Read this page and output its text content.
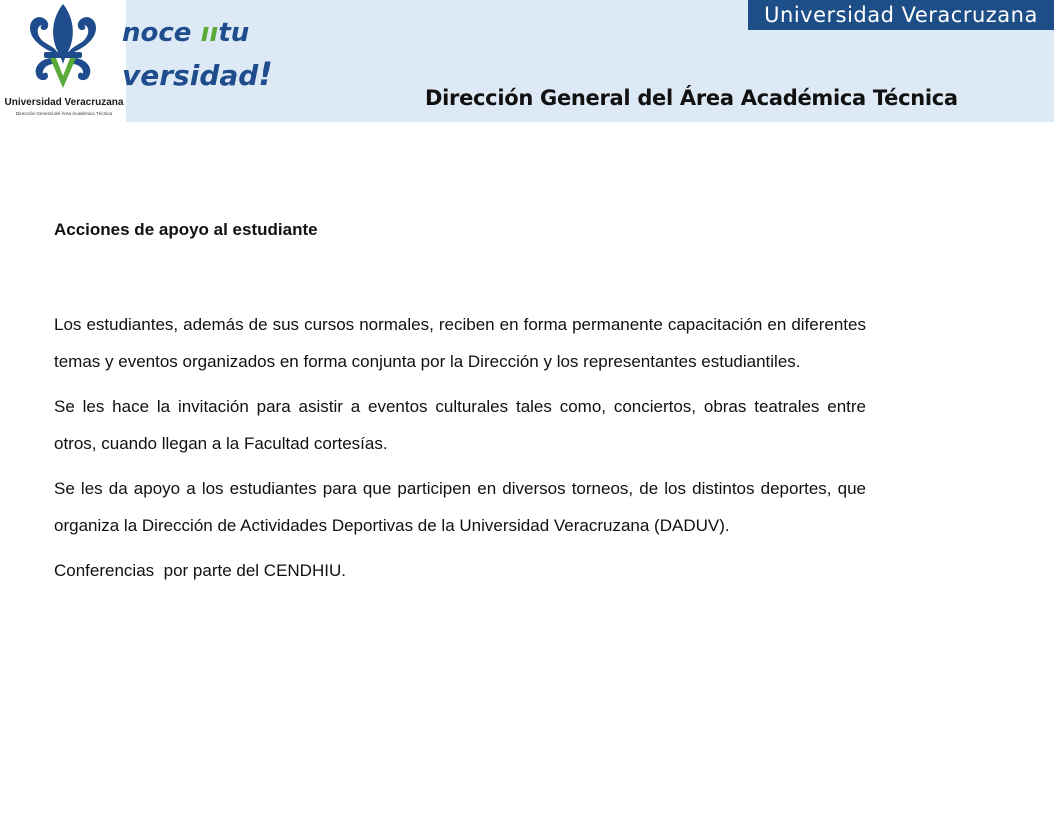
Universidad Veracruzana
Dirección General del Área Académica Técnica
noce ııtu
versidad!
Universidad Veracruzana
Dirección General del Área Académica Técnica
Acciones de apoyo al estudiante

Los estudiantes, además de sus cursos normales, reciben en forma permanente capacitación en diferentes temas y eventos organizados en forma conjunta por la Dirección y los representantes estudiantiles.

Se les hace la invitación para asistir a eventos culturales tales como, conciertos, obras teatrales entre otros, cuando llegan a la Facultad cortesías.

Se les da apoyo a los estudiantes para que participen en diversos torneos, de los distintos deportes, que organiza la Dirección de Actividades Deportivas de la Universidad Veracruzana (DADUV).

Conferencias  por parte del CENDHIU.
